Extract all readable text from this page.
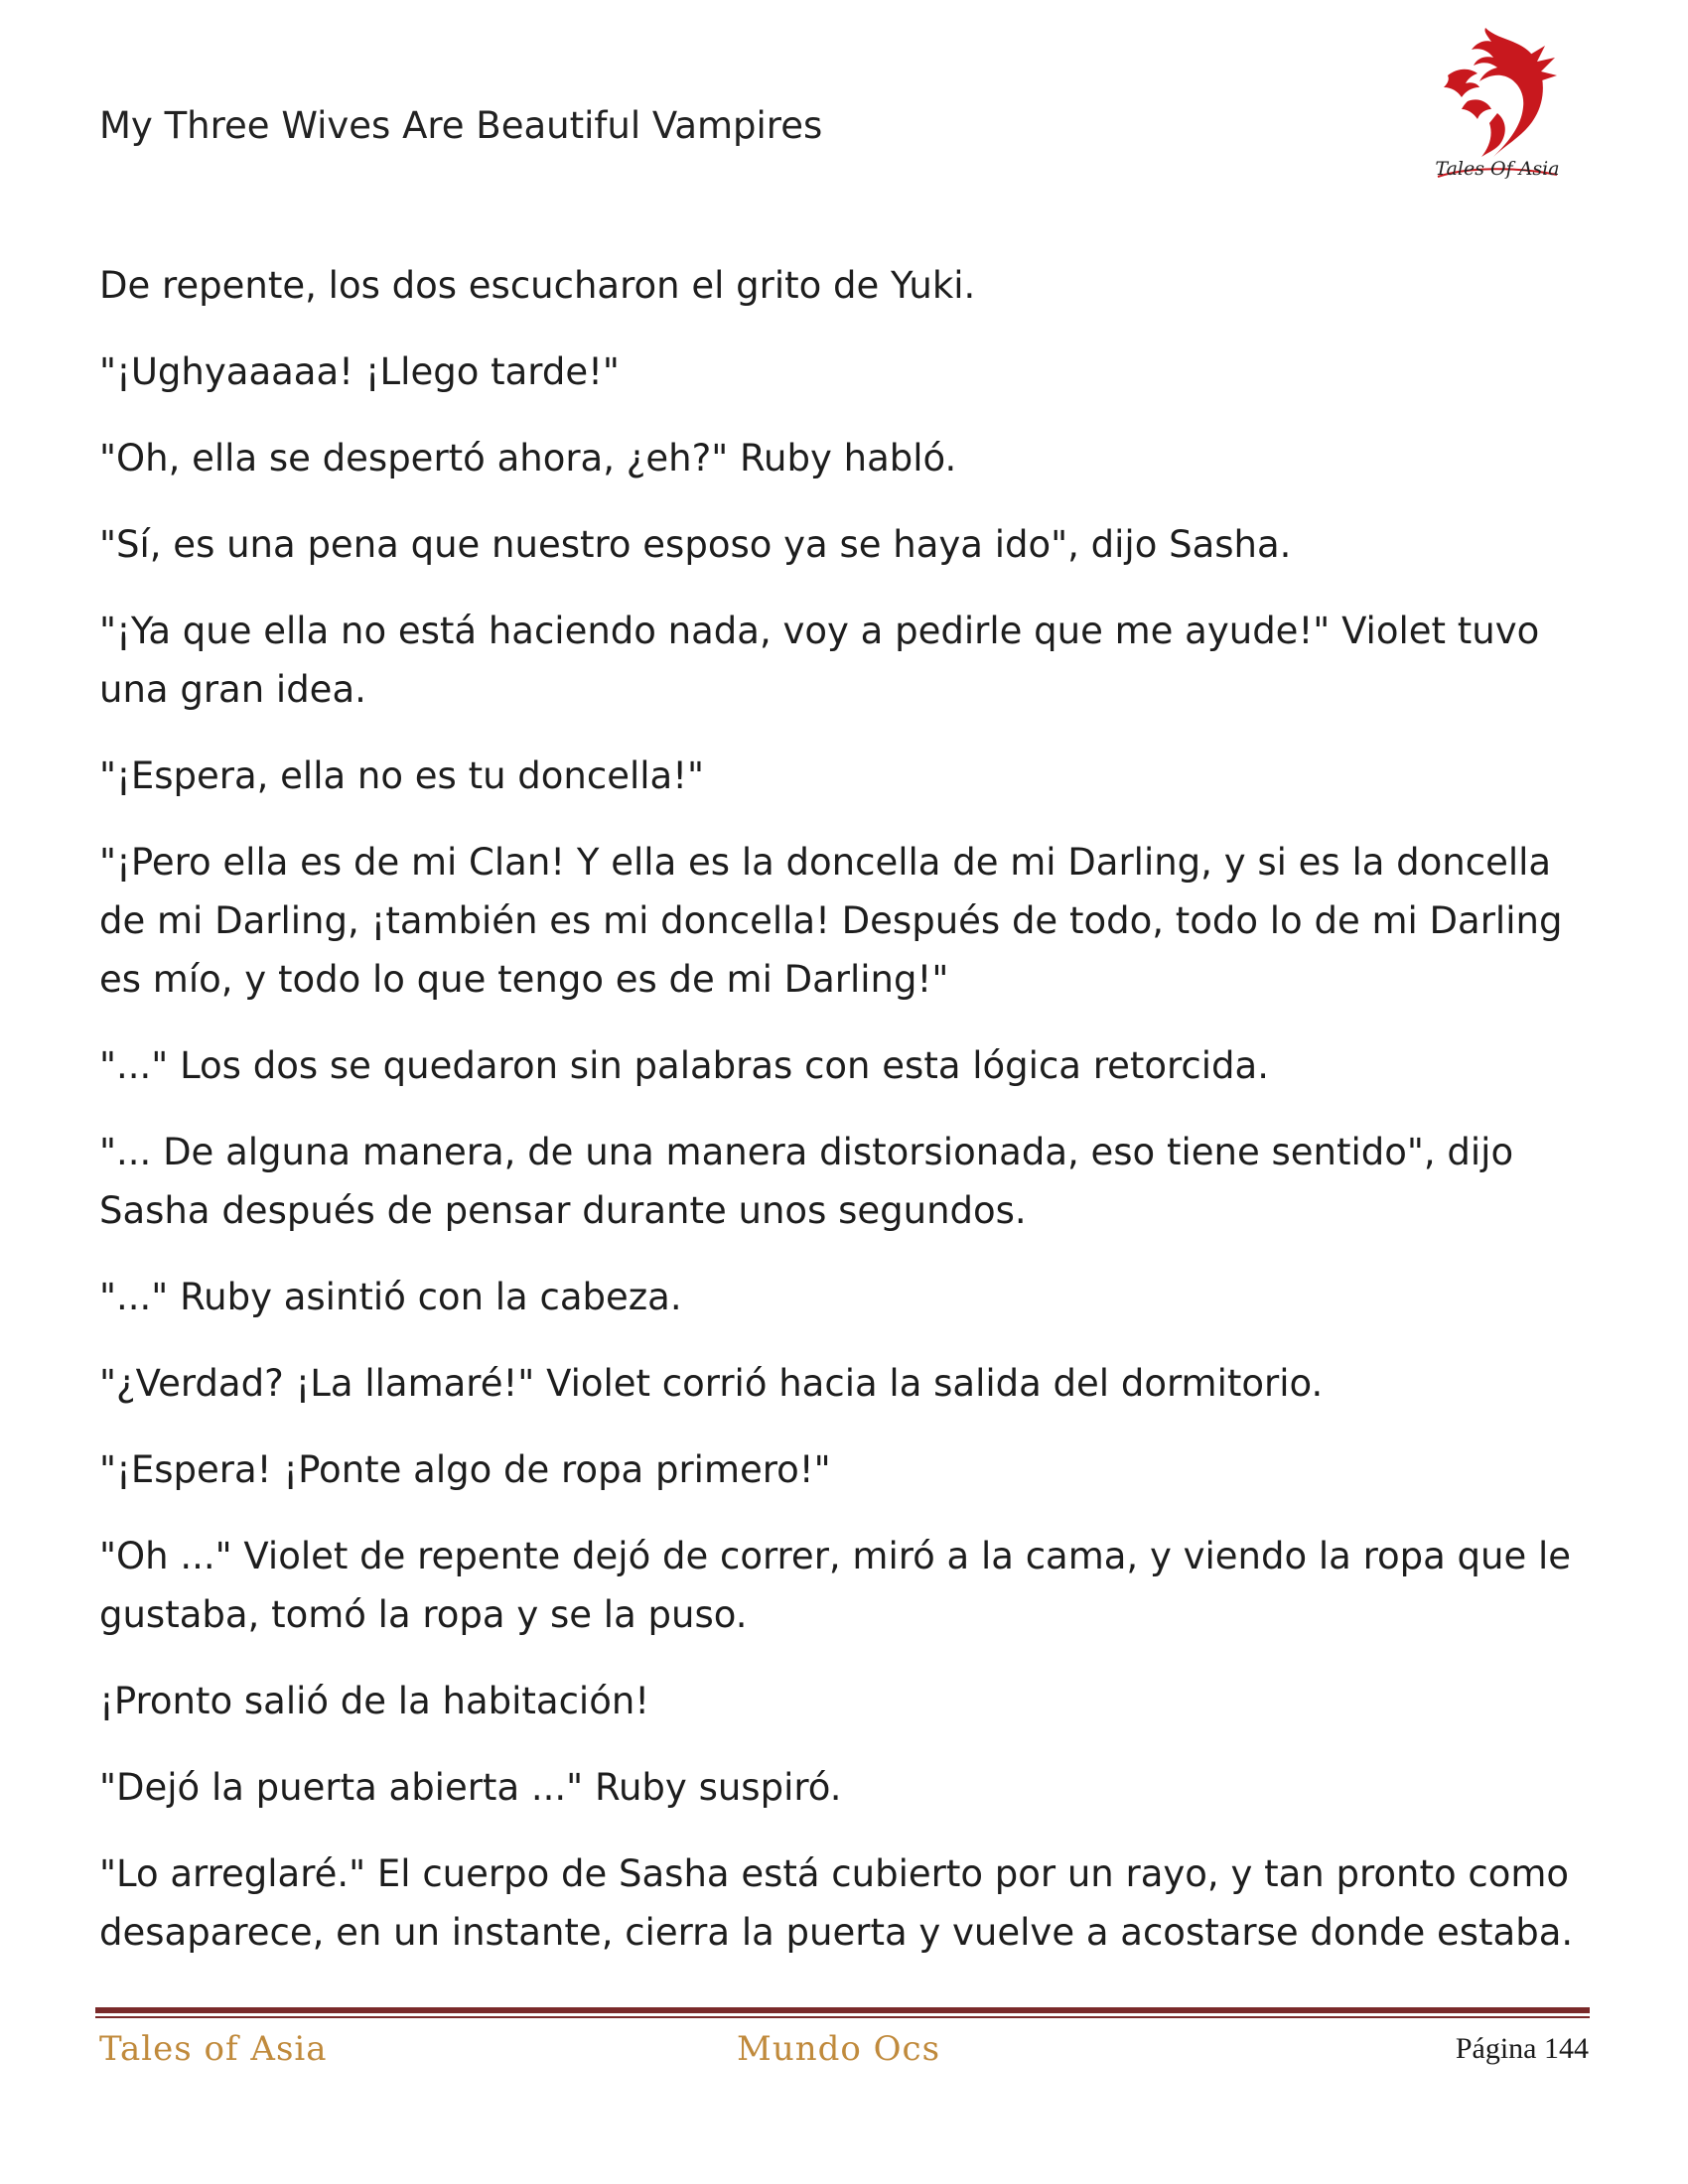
My Three Wives Are Beautiful Vampires
Tales Of Asia

De repente, los dos escucharon el grito de Yuki.

"¡Ughyaaaaa! ¡Llego tarde!"

"Oh, ella se despertó ahora, ¿eh?" Ruby habló.

"Sí, es una pena que nuestro esposo ya se haya ido", dijo Sasha.

"¡Ya que ella no está haciendo nada, voy a pedirle que me ayude!" Violet tuvo una gran idea.

"¡Espera, ella no es tu doncella!"

"¡Pero ella es de mi Clan! Y ella es la doncella de mi Darling, y si es la doncella de mi Darling, ¡también es mi doncella! Después de todo, todo lo de mi Darling es mío, y todo lo que tengo es de mi Darling!"

"..." Los dos se quedaron sin palabras con esta lógica retorcida.

"... De alguna manera, de una manera distorsionada, eso tiene sentido", dijo Sasha después de pensar durante unos segundos.

"..." Ruby asintió con la cabeza.

"¿Verdad? ¡La llamaré!" Violet corrió hacia la salida del dormitorio.

"¡Espera! ¡Ponte algo de ropa primero!"

"Oh ..." Violet de repente dejó de correr, miró a la cama, y viendo la ropa que le gustaba, tomó la ropa y se la puso.

¡Pronto salió de la habitación!

"Dejó la puerta abierta ..." Ruby suspiró.

"Lo arreglaré." El cuerpo de Sasha está cubierto por un rayo, y tan pronto como desaparece, en un instante, cierra la puerta y vuelve a acostarse donde estaba.

Tales of Asia	Mundo Ocs	Página 144
